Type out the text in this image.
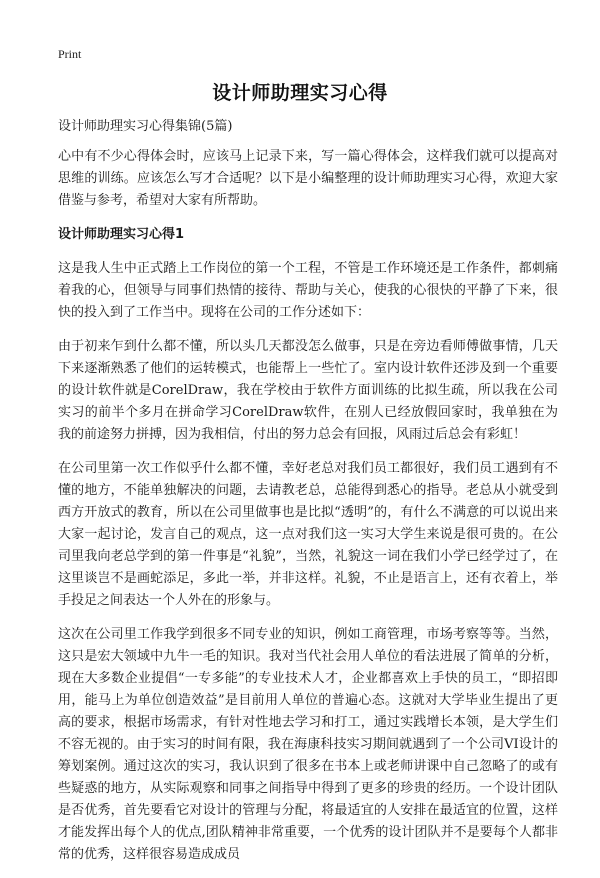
Print
设计师助理实习心得

设计师助理实习心得集锦(5篇)

心中有不少心得体会时，应该马上记录下来，写一篇心得体会，这样我们就可以提高对思维的训练。应该怎么写才合适呢？以下是小编整理的设计师助理实习心得，欢迎大家借鉴与参考，希望对大家有所帮助。

设计师助理实习心得1

这是我人生中正式踏上工作岗位的第一个工程，不管是工作环境还是工作条件，都刺痛着我的心，但领导与同事们热情的接待、帮助与关心，使我的心很快的平静了下来，很快的投入到了工作当中。现将在公司的工作分述如下：

由于初来乍到什么都不懂，所以头几天都没怎么做事，只是在旁边看师傅做事情，几天下来逐渐熟悉了他们的运转模式，也能帮上一些忙了。室内设计软件还涉及到一个重要的设计软件就是CorelDraw，我在学校由于软件方面训练的比拟生疏，所以我在公司实习的前半个多月在拼命学习CorelDraw软件，在别人已经放假回家时，我单独在为我的前途努力拼搏，因为我相信，付出的努力总会有回报，风雨过后总会有彩虹！

在公司里第一次工作似乎什么都不懂，幸好老总对我们员工都很好，我们员工遇到有不懂的地方，不能单独解决的问题，去请教老总，总能得到悉心的指导。老总从小就受到西方开放式的教育，所以在公司里做事也是比拟“透明”的，有什么不满意的可以说出来大家一起讨论，发言自己的观点，这一点对我们这一实习大学生来说是很可贵的。在公司里我向老总学到的第一件事是“礼貌”，当然，礼貌这一词在我们小学已经学过了，在这里谈岂不是画蛇添足，多此一举，并非这样。礼貌，不止是语言上，还有衣着上，举手投足之间表达一个人外在的形象与。

这次在公司里工作我学到很多不同专业的知识，例如工商管理，市场考察等等。当然，这只是宏大领域中九牛一毛的知识。我对当代社会用人单位的看法进展了简单的分析，现在大多数企业提倡“一专多能”的专业技术人才，企业都喜欢上手快的员工，“即招即用，能马上为单位创造效益”是目前用人单位的普遍心态。这就对大学毕业生提出了更高的要求，根据市场需求，有针对性地去学习和打工，通过实践增长本领，是大学生们不容无视的。由于实习的时间有限，我在海康科技实习期间就遇到了一个公司VI设计的筹划案例。通过这次的实习，我认识到了很多在书本上或老师讲课中自己忽略了的或有些疑惑的地方，从实际观察和同事之间指导中得到了更多的珍贵的经历。一个设计团队是否优秀，首先要看它对设计的管理与分配，将最适宜的人安排在最适宜的位置，这样才能发挥出每个人的优点,团队精神非常重要，一个优秀的设计团队并不是要每个人都非常的优秀，这样很容易造成成员
